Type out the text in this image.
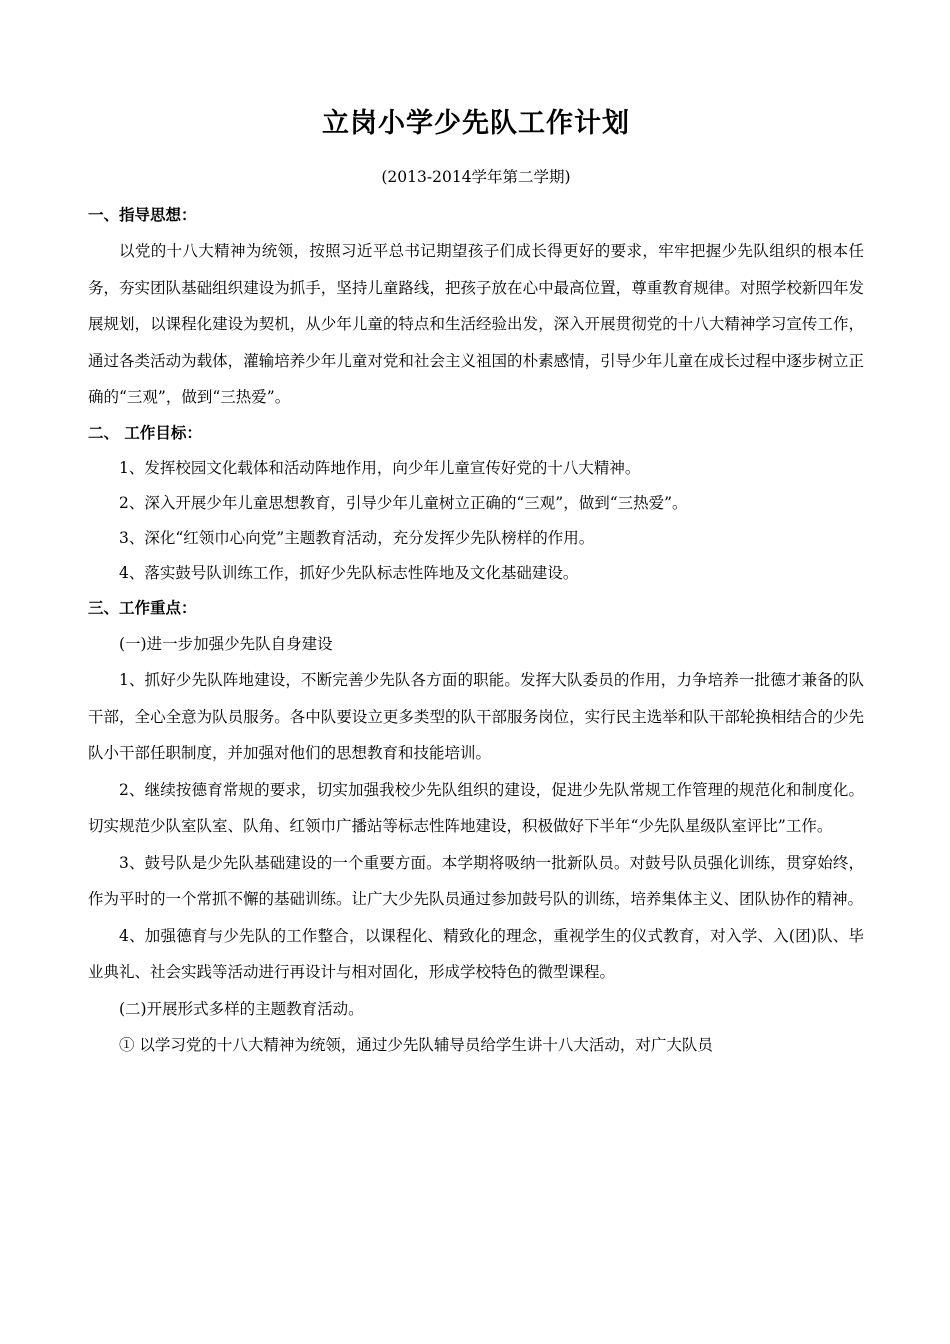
立岗小学少先队工作计划
(2013-2014学年第二学期)
一、指导思想：

以党的十八大精神为统领，按照习近平总书记期望孩子们成长得更好的要求，牢牢把握少先队组织的根本任务，夯实团队基础组织建设为抓手，坚持儿童路线，把孩子放在心中最高位置，尊重教育规律。对照学校新四年发展规划，以课程化建设为契机，从少年儿童的特点和生活经验出发，深入开展贯彻党的十八大精神学习宣传工作，通过各类活动为载体，灌输培养少年儿童对党和社会主义祖国的朴素感情，引导少年儿童在成长过程中逐步树立正确的“三观”，做到“三热爱”。

二、 工作目标：

1、发挥校园文化载体和活动阵地作用，向少年儿童宣传好党的十八大精神。

2、深入开展少年儿童思想教育，引导少年儿童树立正确的“三观”，做到“三热爱”。

3、深化“红领巾心向党”主题教育活动，充分发挥少先队榜样的作用。

4、落实鼓号队训练工作，抓好少先队标志性阵地及文化基础建设。

三、工作重点：

(一)进一步加强少先队自身建设

1、抓好少先队阵地建设，不断完善少先队各方面的职能。发挥大队委员的作用，力争培养一批德才兼备的队干部，全心全意为队员服务。各中队要设立更多类型的队干部服务岗位，实行民主选举和队干部轮换相结合的少先队小干部任职制度，并加强对他们的思想教育和技能培训。

2、继续按德育常规的要求，切实加强我校少先队组织的建设，促进少先队常规工作管理的规范化和制度化。切实规范少队室队室、队角、红领巾广播站等标志性阵地建设，积极做好下半年“少先队星级队室评比”工作。

3、鼓号队是少先队基础建设的一个重要方面。本学期将吸纳一批新队员。对鼓号队员强化训练，贯穿始终，作为平时的一个常抓不懈的基础训练。让广大少先队员通过参加鼓号队的训练，培养集体主义、团队协作的精神。

4、加强德育与少先队的工作整合，以课程化、精致化的理念，重视学生的仪式教育，对入学、入(团)队、毕业典礼、社会实践等活动进行再设计与相对固化，形成学校特色的微型课程。

(二)开展形式多样的主题教育活动。

① 以学习党的十八大精神为统领，通过少先队辅导员给学生讲十八大活动，对广大队员
